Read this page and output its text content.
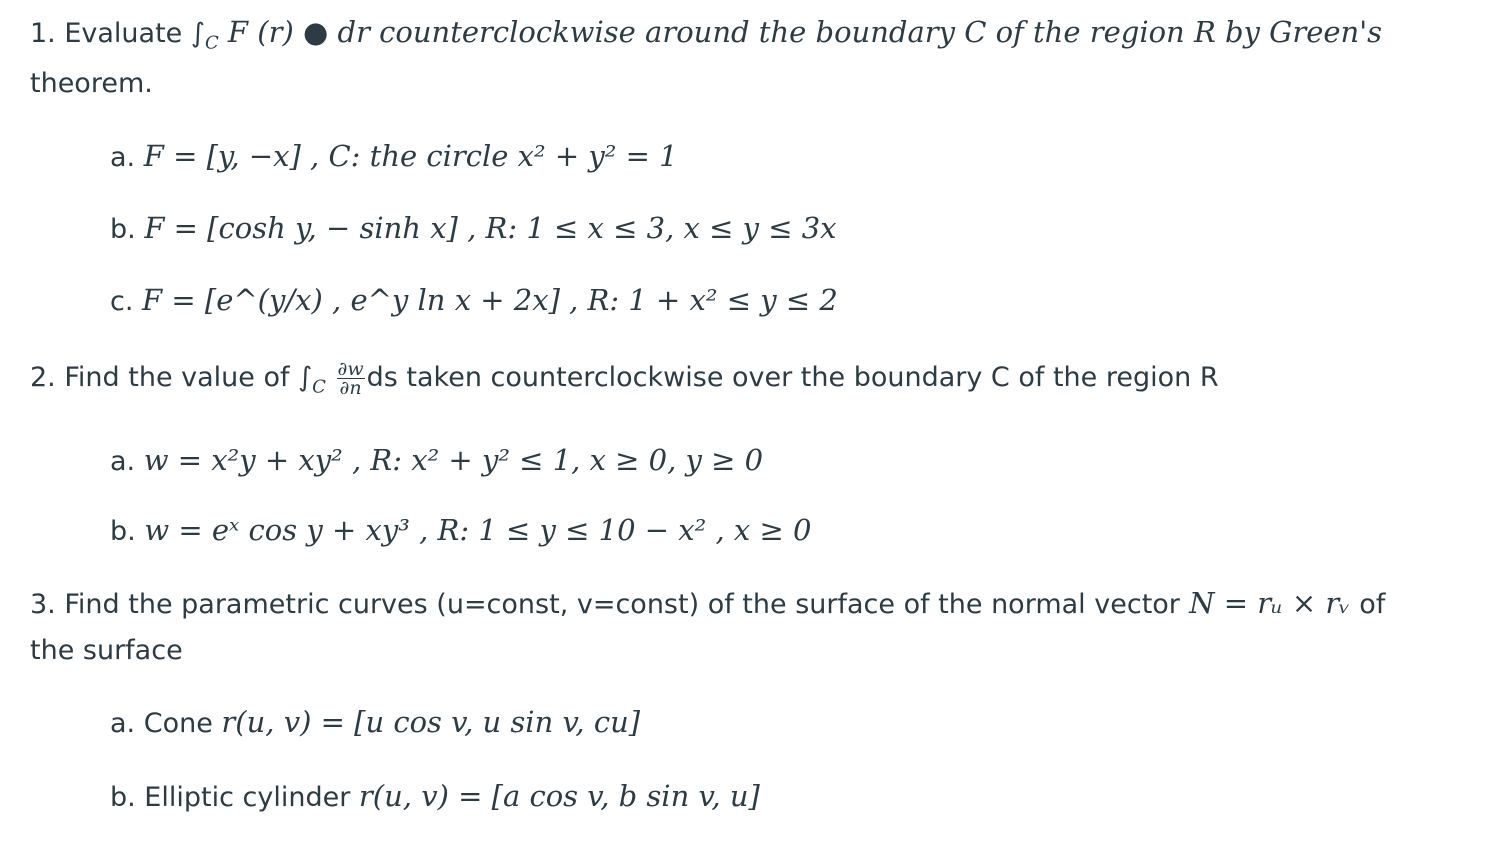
1. Evaluate $\int_C$ F (r) ● dr counterclockwise around the boundary C of the region R by Green's
theorem.
a. F = [y, −x] , C: the circle x² + y² = 1
b. F = [cosh y, − sinh x] , R: 1 ≤ x ≤ 3, x ≤ y ≤ 3x
c. F = [e^(y/x) , e^y ln x + 2x] , R: 1 + x² ≤ y ≤ 2
2. Find the value of $\int_C \frac{\partial w}{\partial n}$ ds taken counterclockwise over the boundary C of the region R
a. w = x²y + xy² , R: x² + y² ≤ 1, x ≥ 0, y ≥ 0
b. w = eˣ cos y + xy³ , R: 1 ≤ y ≤ 10 − x² , x ≥ 0
3. Find the parametric curves (u=const, v=const) of the surface of the normal vector N = rᵤ × rᵥ of
the surface
a. Cone r(u, v) = [u cos v, u sin v, cu]
b. Elliptic cylinder r(u, v) = [a cos v, b sin v, u]
